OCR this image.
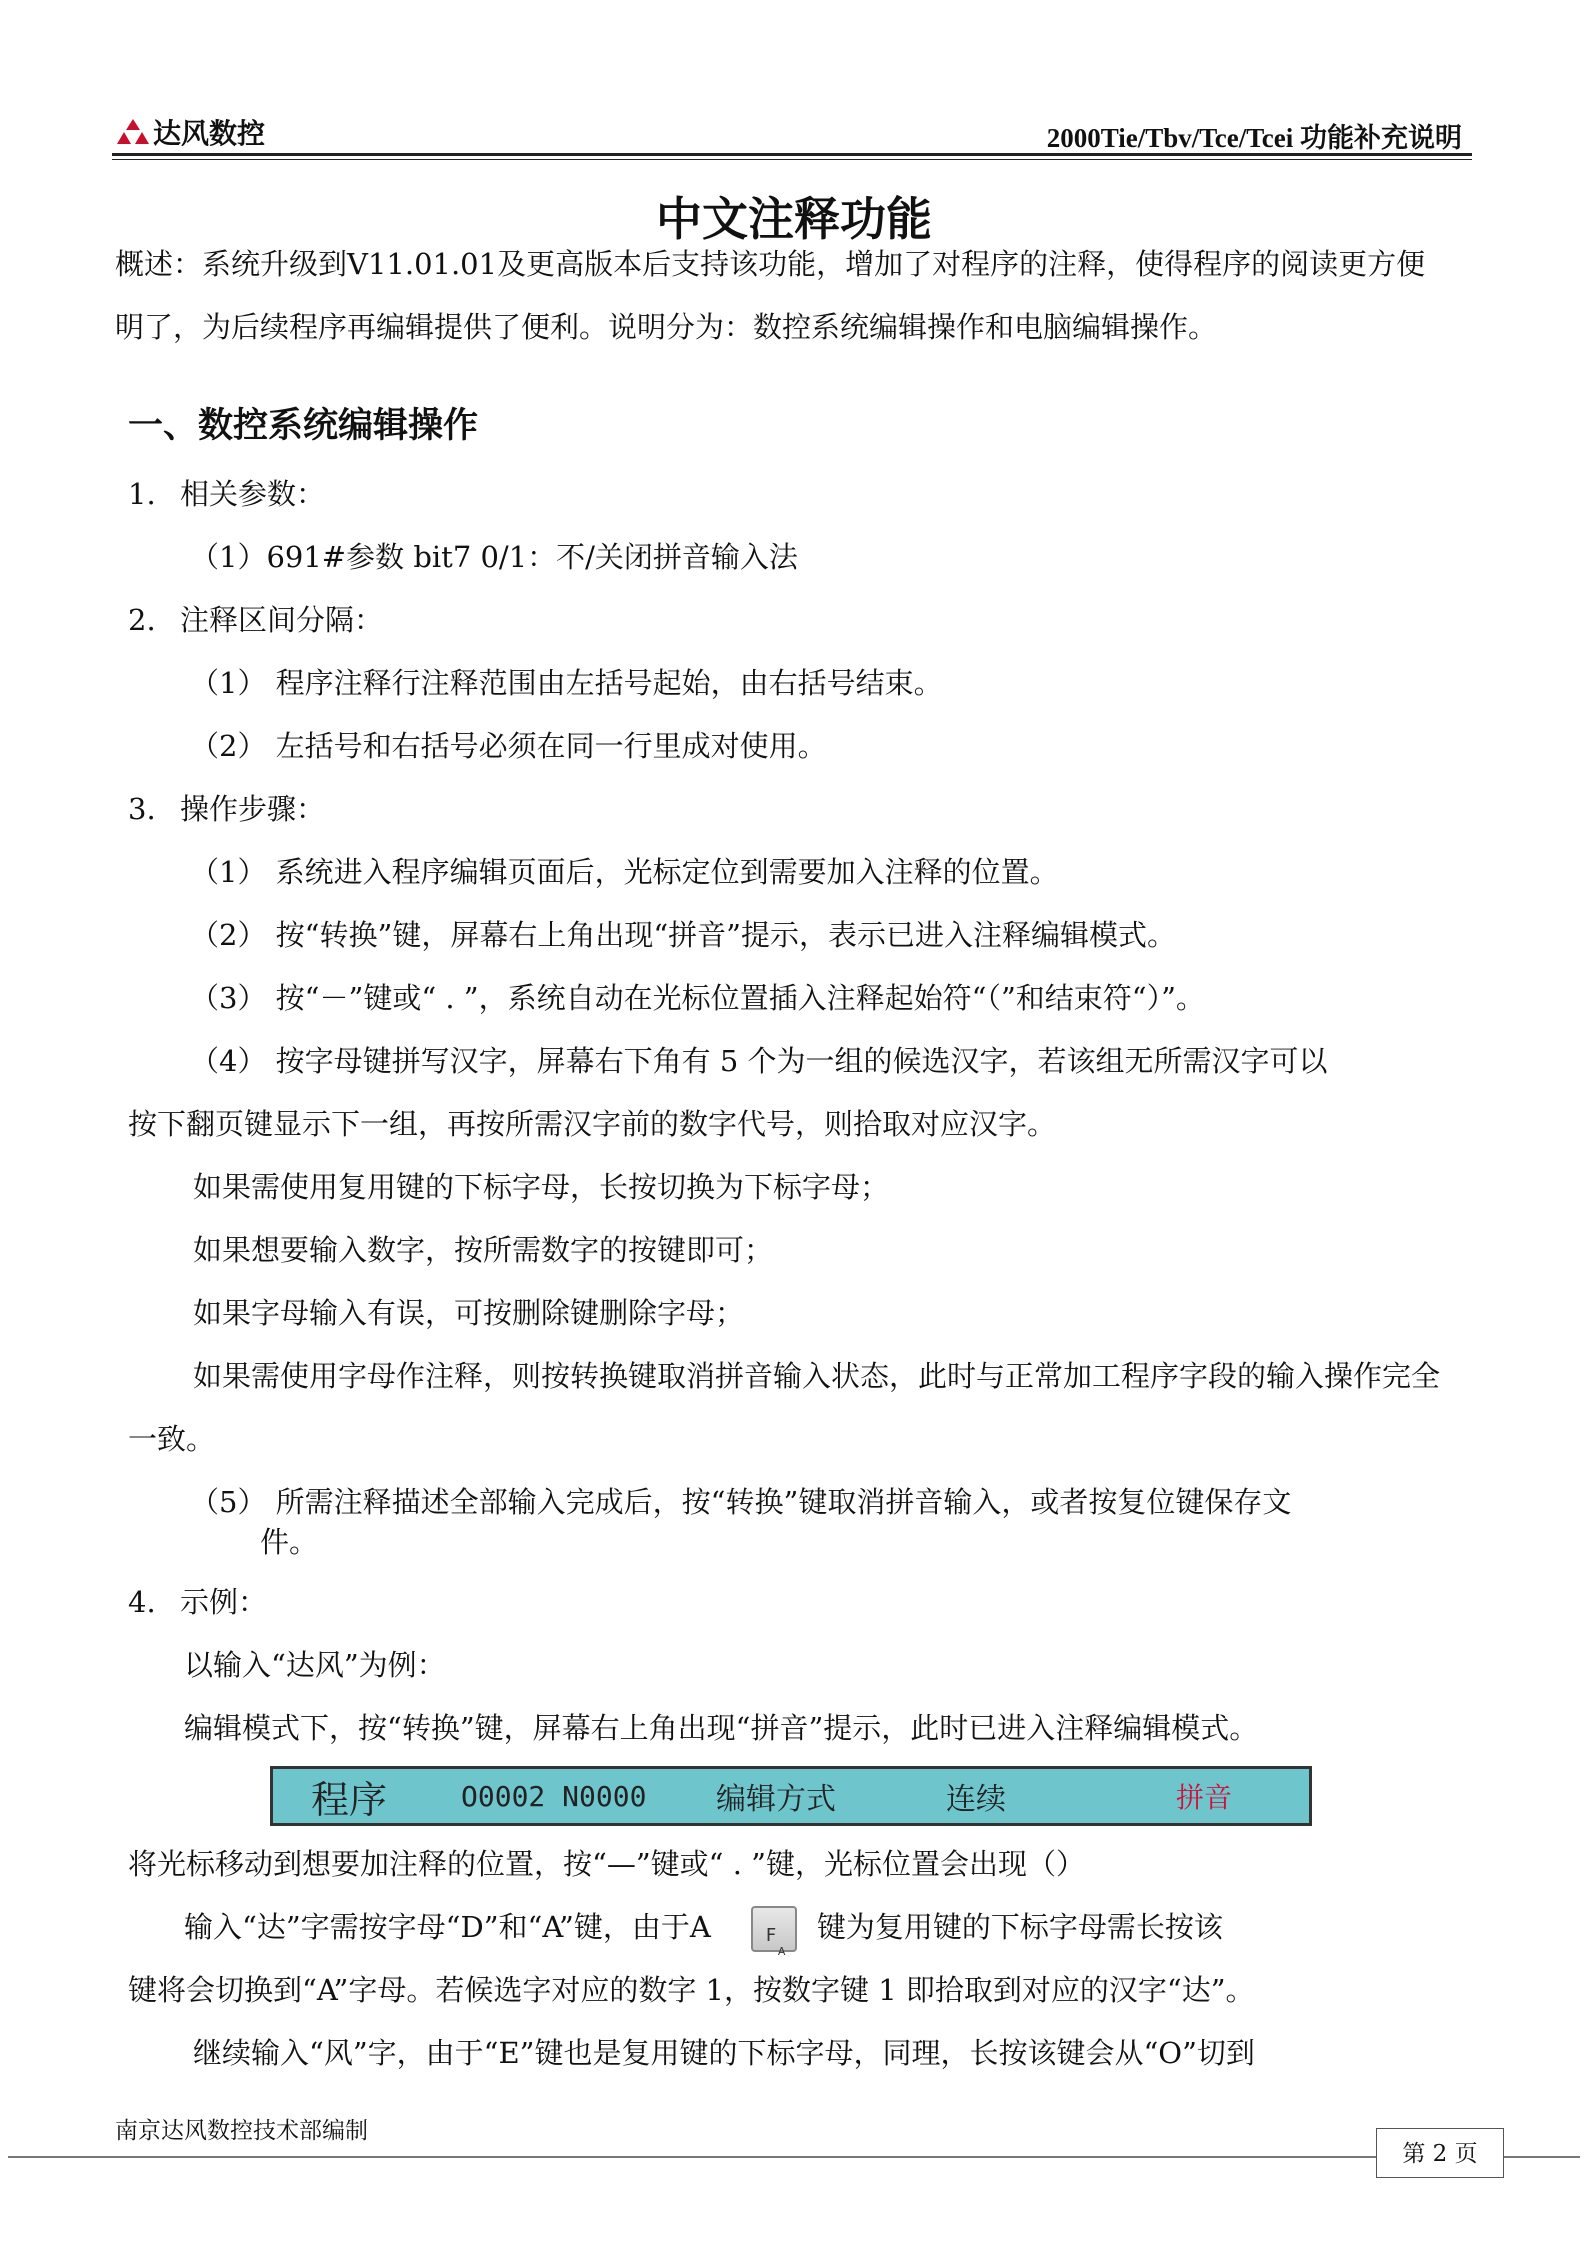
达风数控	2000Tie/Tbv/Tce/Tcei 功能补充说明
中文注释功能
概述：系统升级到V11.01.01及更高版本后支持该功能，增加了对程序的注释，使得程序的阅读更方便
明了，为后续程序再编辑提供了便利。说明分为：数控系统编辑操作和电脑编辑操作。
一、数控系统编辑操作
1. 相关参数：
（1）691#参数 bit7 0/1：不/关闭拼音输入法
2. 注释区间分隔：
（1） 程序注释行注释范围由左括号起始，由右括号结束。
（2） 左括号和右括号必须在同一行里成对使用。
3. 操作步骤：
（1） 系统进入程序编辑页面后，光标定位到需要加入注释的位置。
（2） 按“转换”键，屏幕右上角出现“拼音”提示，表示已进入注释编辑模式。
（3） 按“－”键或“ . ”，系统自动在光标位置插入注释起始符“（”和结束符“）”。
（4） 按字母键拼写汉字，屏幕右下角有 5 个为一组的候选汉字，若该组无所需汉字可以
按下翻页键显示下一组，再按所需汉字前的数字代号，则拾取对应汉字。
如果需使用复用键的下标字母，长按切换为下标字母；
如果想要输入数字，按所需数字的按键即可；
如果字母输入有误，可按删除键删除字母；
如果需使用字母作注释，则按转换键取消拼音输入状态，此时与正常加工程序字段的输入操作完全
一致。
（5） 所需注释描述全部输入完成后，按“转换”键取消拼音输入，或者按复位键保存文
件。
4. 示例：
以输入“达风”为例：
编辑模式下，按“转换”键，屏幕右上角出现“拼音”提示，此时已进入注释编辑模式。
程序	O0002 N0000	编辑方式	连续	拼音
将光标移动到想要加注释的位置，按“—”键或“ . ”键，光标位置会出现（）
输入“达”字需按字母“D”和“A”键，由于A	F
A
键为复用键的下标字母需长按该
键将会切换到“A”字母。若候选字对应的数字 1，按数字键 1 即拾取到对应的汉字“达”。
继续输入“风”字，由于“E”键也是复用键的下标字母，同理，长按该键会从“O”切到
南京达风数控技术部编制
第 2 页
